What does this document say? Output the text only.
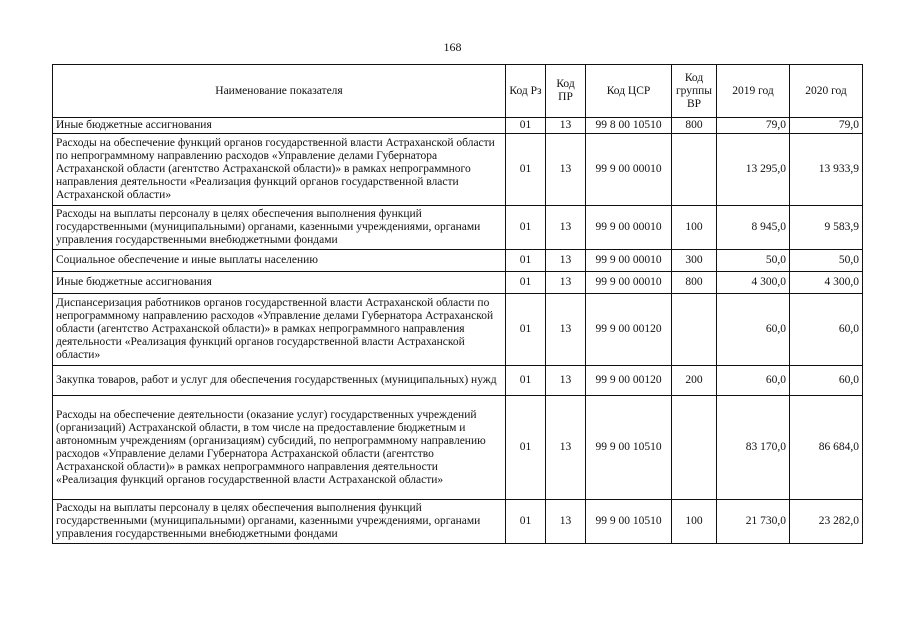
168
Наименование показателя	Код Рз	Код ПР	Код ЦСР	Код группы ВР	2019 год	2020 год
Иные бюджетные ассигнования	01	13	99 8 00 10510	800	79,0	79,0
Расходы на обеспечение функций органов государственной власти Астраханской области по непрограммному направлению расходов «Управление делами Губернатора Астраханской области (агентство Астраханской области)» в рамках непрограммного направления деятельности «Реализация функций органов государственной власти Астраханской области»	01	13	99 9 00 00010		13 295,0	13 933,9
Расходы на выплаты персоналу в целях обеспечения выполнения функций государственными (муниципальными) органами, казенными учреждениями, органами управления государственными внебюджетными фондами	01	13	99 9 00 00010	100	8 945,0	9 583,9
Социальное обеспечение и иные выплаты населению	01	13	99 9 00 00010	300	50,0	50,0
Иные бюджетные ассигнования	01	13	99 9 00 00010	800	4 300,0	4 300,0
Диспансеризация работников органов государственной власти Астраханской области по непрограммному направлению расходов «Управление делами Губернатора Астраханской области (агентство Астраханской области)» в рамках непрограммного направления деятельности «Реализация функций органов государственной власти Астраханской области»	01	13	99 9 00 00120		60,0	60,0
Закупка товаров, работ и услуг для обеспечения государственных (муниципальных) нужд	01	13	99 9 00 00120	200	60,0	60,0
Расходы на обеспечение деятельности (оказание услуг) государственных учреждений (организаций) Астраханской области, в том числе на предоставление бюджетным и автономным учреждениям (организациям) субсидий, по непрограммному направлению расходов «Управление делами Губернатора Астраханской области (агентство Астраханской области)» в рамках непрограммного направления деятельности «Реализация функций органов государственной власти Астраханской области»	01	13	99 9 00 10510		83 170,0	86 684,0
Расходы на выплаты персоналу в целях обеспечения выполнения функций государственными (муниципальными) органами, казенными учреждениями, органами управления государственными внебюджетными фондами	01	13	99 9 00 10510	100	21 730,0	23 282,0
